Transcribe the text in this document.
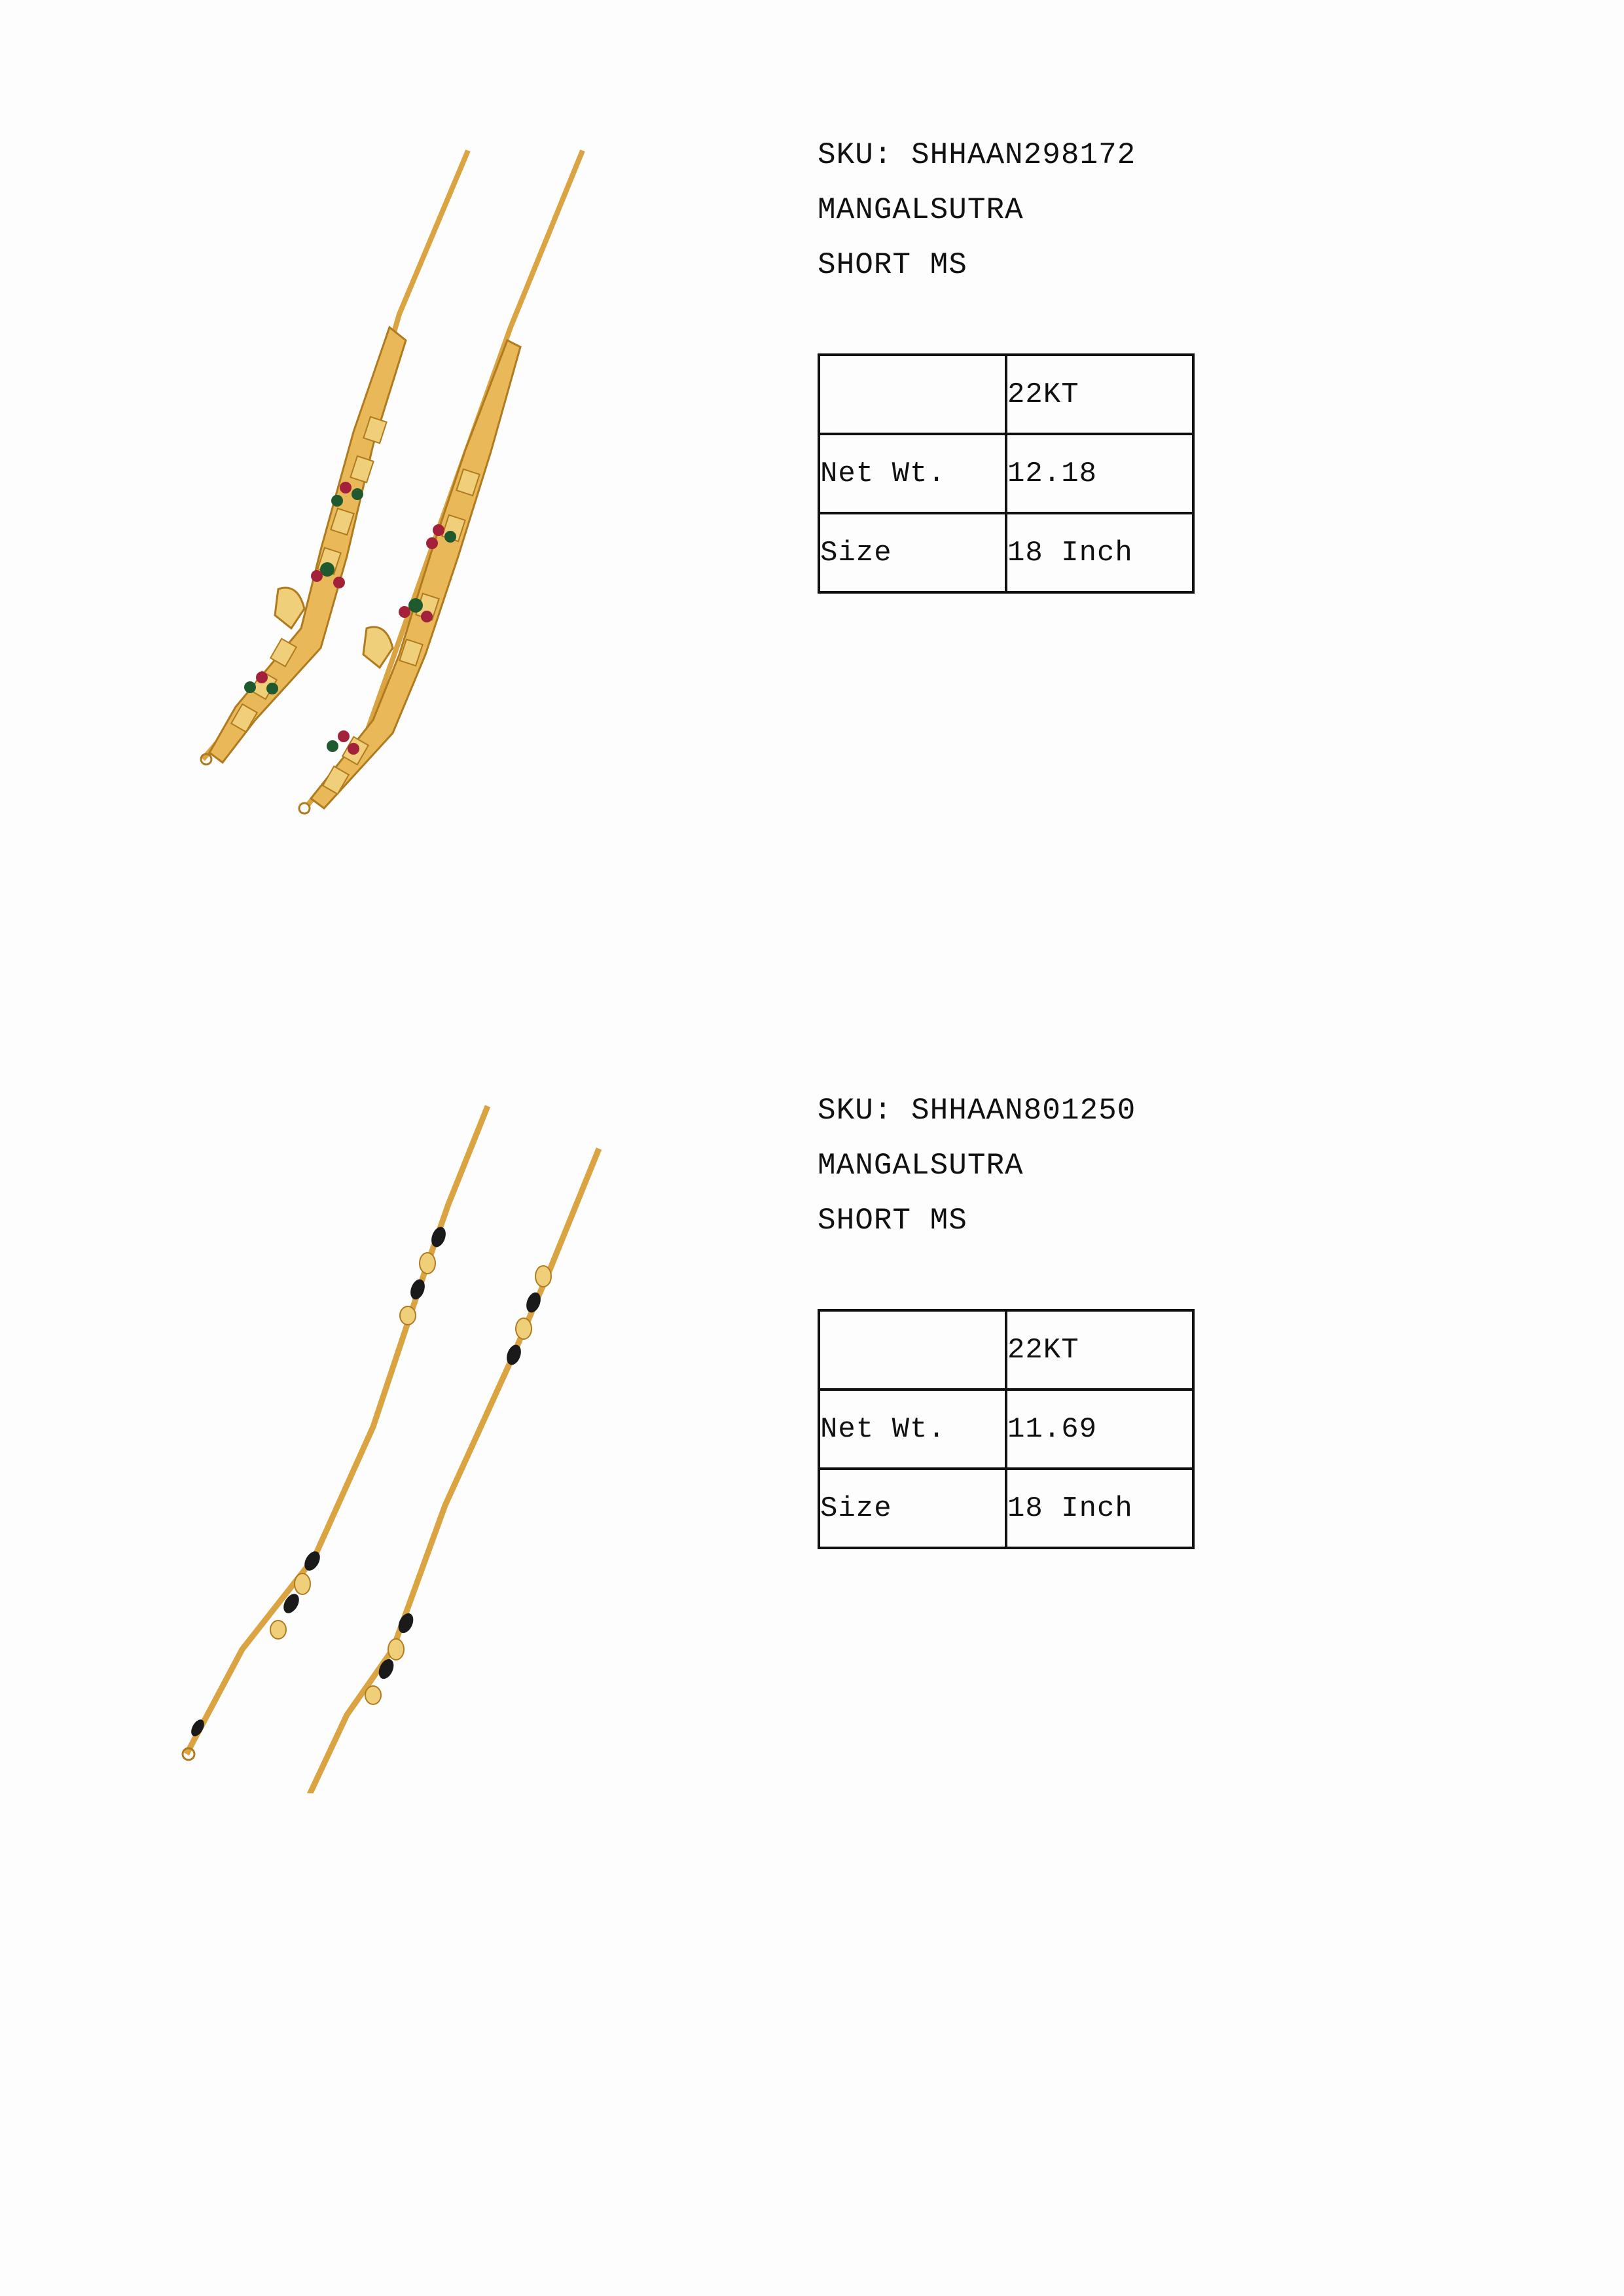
SKU: SHHAAN298172
MANGALSUTRA
SHORT MS
	22KT
Net Wt.	12.18
Size	18 Inch
SKU: SHHAAN801250
MANGALSUTRA
SHORT MS
	22KT
Net Wt.	11.69
Size	18 Inch
